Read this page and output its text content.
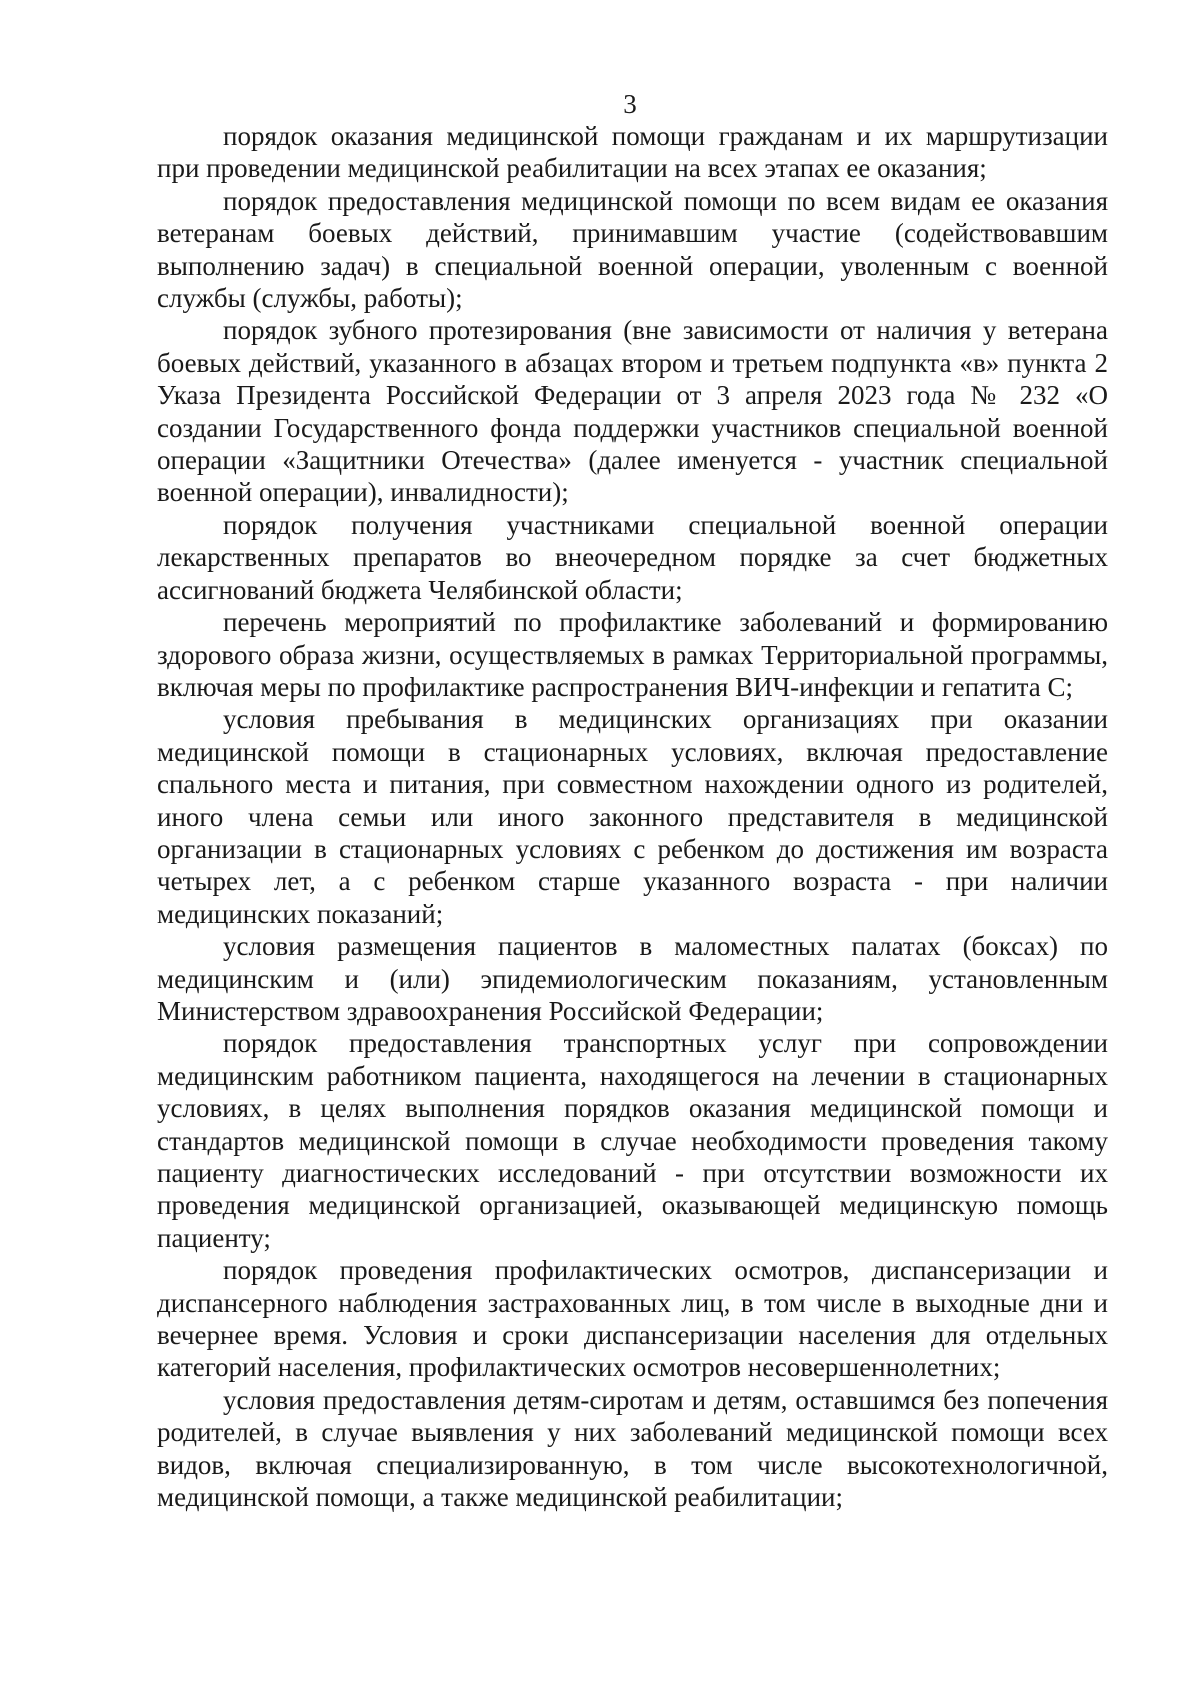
3

порядок оказания медицинской помощи гражданам и их маршрутизации при проведении медицинской реабилитации на всех этапах ее оказания;

порядок предоставления медицинской помощи по всем видам ее оказания ветеранам боевых действий, принимавшим участие (содействовавшим выполнению задач) в специальной военной операции, уволенным с военной службы (службы, работы);

порядок зубного протезирования (вне зависимости от наличия у ветерана боевых действий, указанного в абзацах втором и третьем подпункта «в» пункта 2 Указа Президента Российской Федерации от 3 апреля 2023 года № 232 «О создании Государственного фонда поддержки участников специальной военной операции «Защитники Отечества» (далее именуется - участник специальной военной операции), инвалидности);

порядок получения участниками специальной военной операции лекарственных препаратов во внеочередном порядке за счет бюджетных ассигнований бюджета Челябинской области;

перечень мероприятий по профилактике заболеваний и формированию здорового образа жизни, осуществляемых в рамках Территориальной программы, включая меры по профилактике распространения ВИЧ-инфекции и гепатита С;

условия пребывания в медицинских организациях при оказании медицинской помощи в стационарных условиях, включая предоставление спального места и питания, при совместном нахождении одного из родителей, иного члена семьи или иного законного представителя в медицинской организации в стационарных условиях с ребенком до достижения им возраста четырех лет, а с ребенком старше указанного возраста - при наличии медицинских показаний;

условия размещения пациентов в маломестных палатах (боксах) по медицинским и (или) эпидемиологическим показаниям, установленным Министерством здравоохранения Российской Федерации;

порядок предоставления транспортных услуг при сопровождении медицинским работником пациента, находящегося на лечении в стационарных условиях, в целях выполнения порядков оказания медицинской помощи и стандартов медицинской помощи в случае необходимости проведения такому пациенту диагностических исследований - при отсутствии возможности их проведения медицинской организацией, оказывающей медицинскую помощь пациенту;

порядок проведения профилактических осмотров, диспансеризации и диспансерного наблюдения застрахованных лиц, в том числе в выходные дни и вечернее время. Условия и сроки диспансеризации населения для отдельных категорий населения, профилактических осмотров несовершеннолетних;

условия предоставления детям-сиротам и детям, оставшимся без попечения родителей, в случае выявления у них заболеваний медицинской помощи всех видов, включая специализированную, в том числе высокотехнологичной, медицинской помощи, а также медицинской реабилитации;
